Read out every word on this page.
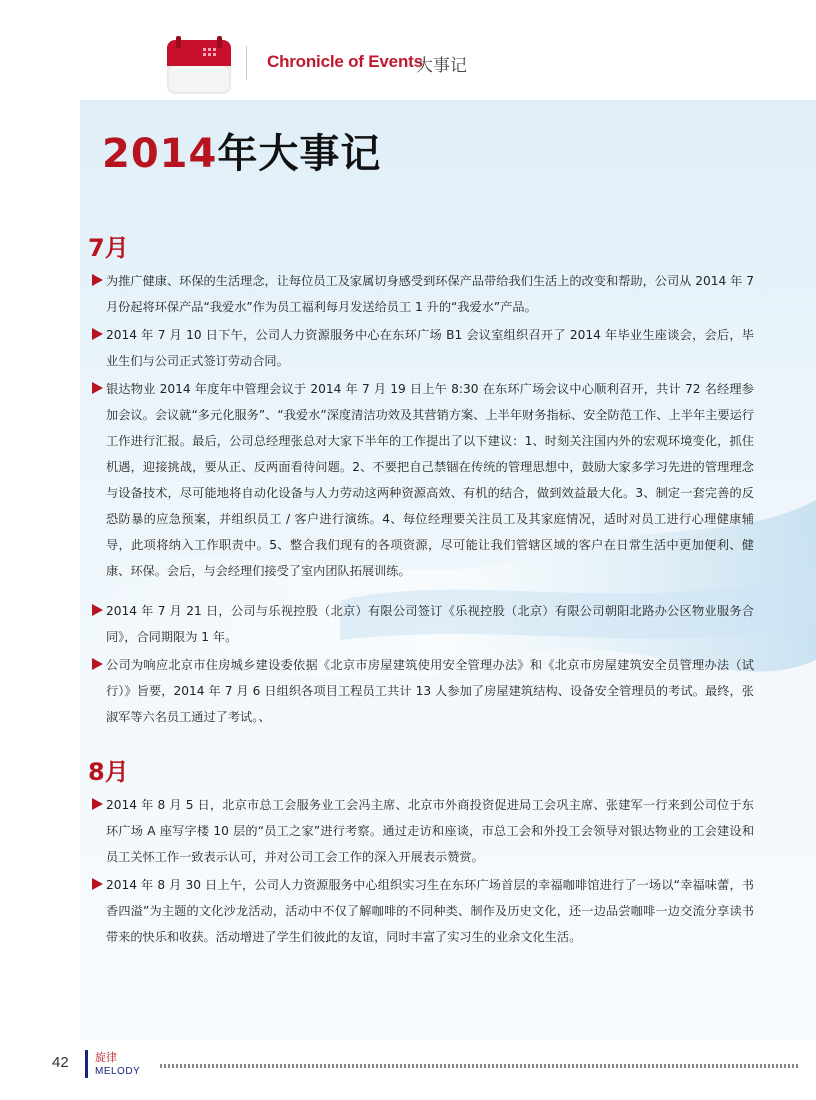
Chronicle of Events
大事记
2014年大事记
7月
为推广健康、环保的生活理念，让每位员工及家属切身感受到环保产品带给我们生活上的改变和帮助，公司从 2014 年 7 月份起将环保产品“我爱水”作为员工福利每月发送给员工 1 升的“我爱水”产品。
2014 年 7 月 10 日下午，公司人力资源服务中心在东环广场 B1 会议室组织召开了 2014 年毕业生座谈会，会后，毕业生们与公司正式签订劳动合同。
银达物业 2014 年度年中管理会议于 2014 年 7 月 19 日上午 8:30 在东环广场会议中心顺利召开，共计 72 名经理参加会议。会议就“多元化服务”、“我爱水”深度清洁功效及其营销方案、上半年财务指标、安全防范工作、上半年主要运行工作进行汇报。最后，公司总经理张总对大家下半年的工作提出了以下建议：1、时刻关注国内外的宏观环境变化，抓住机遇，迎接挑战，要从正、反两面看待问题。2、不要把自己禁锢在传统的管理思想中，鼓励大家多学习先进的管理理念与设备技术，尽可能地将自动化设备与人力劳动这两种资源高效、有机的结合，做到效益最大化。3、制定一套完善的反恐防暴的应急预案，并组织员工 / 客户进行演练。4、每位经理要关注员工及其家庭情况，适时对员工进行心理健康辅导，此项将纳入工作职责中。5、整合我们现有的各项资源，尽可能让我们管辖区域的客户在日常生活中更加便利、健康、环保。会后，与会经理们接受了室内团队拓展训练。
2014 年 7 月 21 日，公司与乐视控股（北京）有限公司签订《乐视控股（北京）有限公司朝阳北路办公区物业服务合同》，合同期限为 1 年。
公司为响应北京市住房城乡建设委依据《北京市房屋建筑使用安全管理办法》和《北京市房屋建筑安全员管理办法（试行）》旨要，2014 年 7 月 6 日组织各项目工程员工共计 13 人参加了房屋建筑结构、设备安全管理员的考试。最终，张淑军等六名员工通过了考试。、
8月
2014 年 8 月 5 日，北京市总工会服务业工会冯主席、北京市外商投资促进局工会巩主席、张建军一行来到公司位于东环广场 A 座写字楼 10 层的“员工之家”进行考察。通过走访和座谈，市总工会和外投工会领导对银达物业的工会建设和员工关怀工作一致表示认可，并对公司工会工作的深入开展表示赞赏。
2014 年 8 月 30 日上午，公司人力资源服务中心组织实习生在东环广场首层的幸福咖啡馆进行了一场以“幸福味蕾，书香四溢”为主题的文化沙龙活动，活动中不仅了解咖啡的不同种类、制作及历史文化，还一边品尝咖啡一边交流分享读书带来的快乐和收获。活动增进了学生们彼此的友谊，同时丰富了实习生的业余文化生活。
42 旋律
MELODY
